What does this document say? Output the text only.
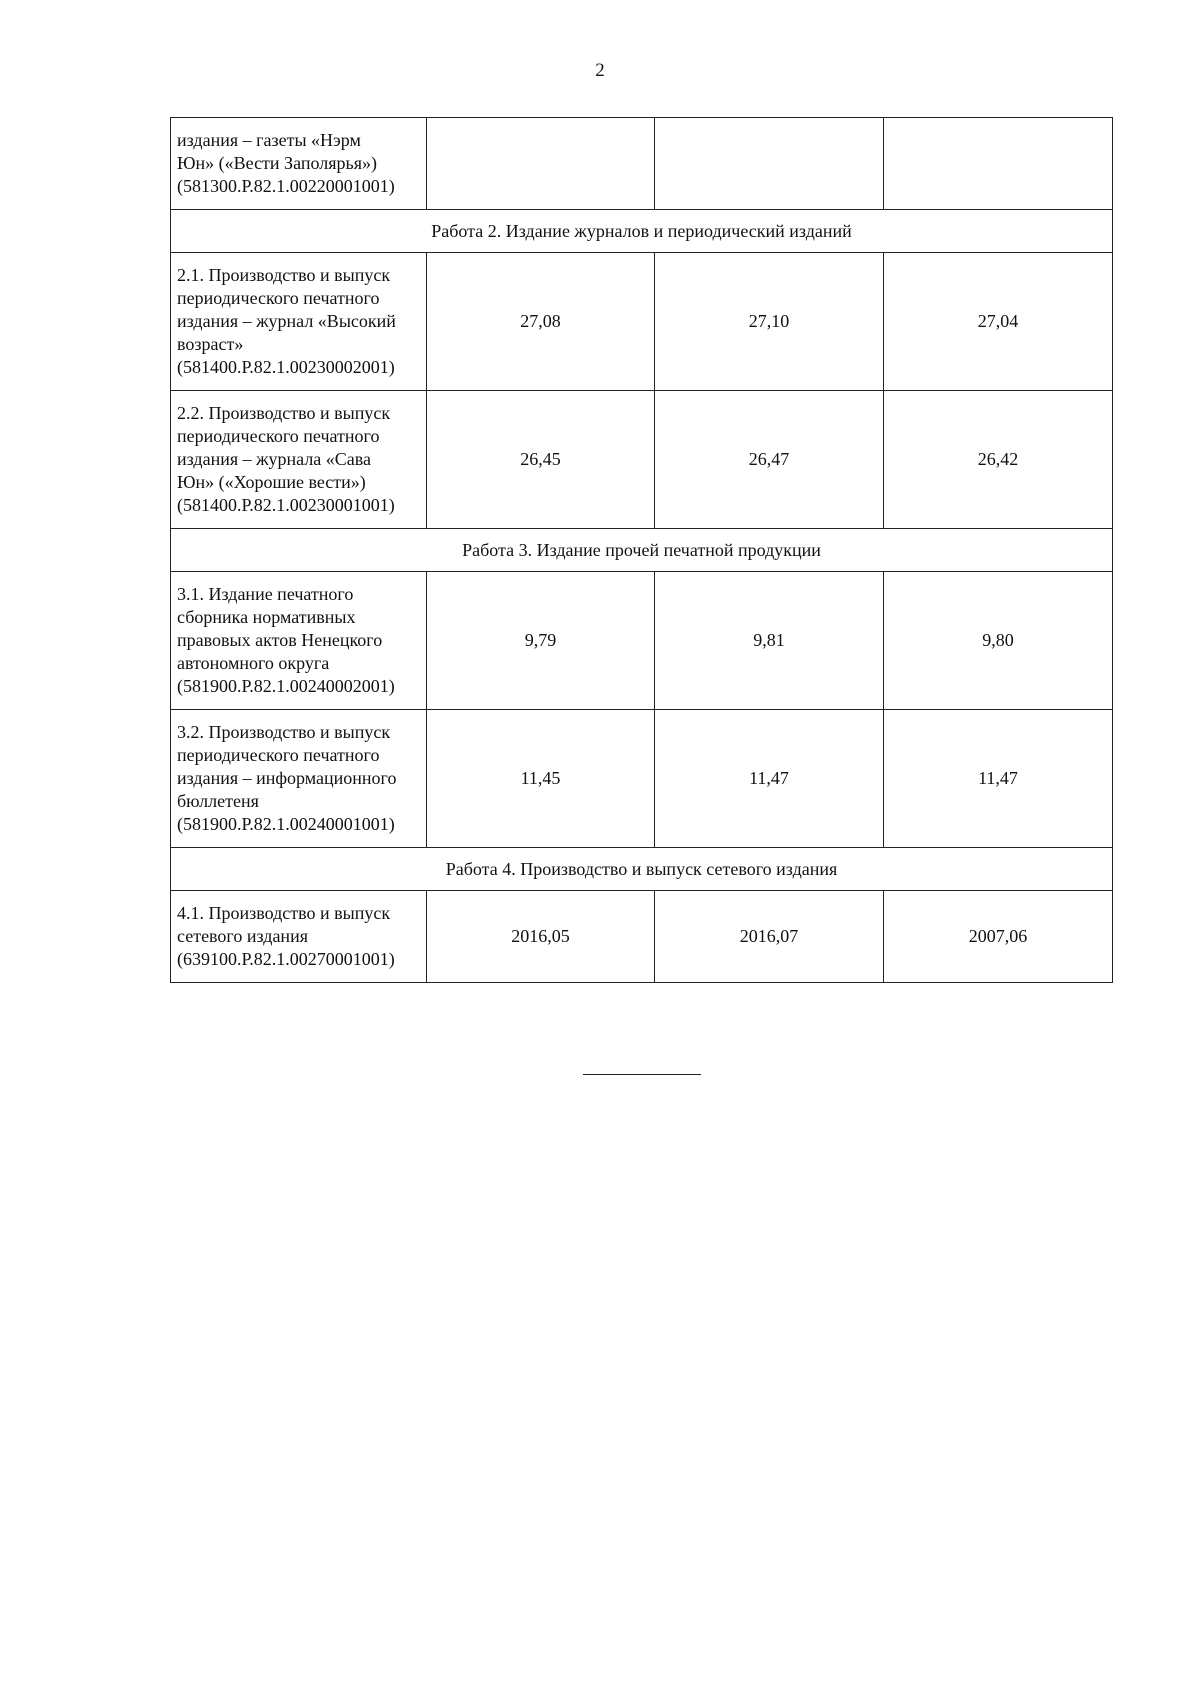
2
издания – газеты «Нэрм
Юн» («Вести Заполярья»)
(581300.Р.82.1.00220001001)			
Работа 2. Издание журналов и периодический изданий			
2.1. Производство и выпуск
периодического печатного
издания – журнал «Высокий
возраст»
(581400.Р.82.1.00230002001)	27,08	27,10	27,04
2.2. Производство и выпуск
периодического печатного
издания – журнала «Сава
Юн» («Хорошие вести»)
(581400.Р.82.1.00230001001)	26,45	26,47	26,42
Работа 3. Издание прочей печатной продукции			
3.1. Издание печатного
сборника нормативных
правовых актов Ненецкого
автономного округа
(581900.Р.82.1.00240002001)	9,79	9,81	9,80
3.2. Производство и выпуск
периодического печатного
издания – информационного
бюллетеня
(581900.Р.82.1.00240001001)	11,45	11,47	11,47
Работа 4. Производство и выпуск сетевого издания			
4.1. Производство и выпуск
сетевого издания
(639100.Р.82.1.00270001001)	2016,05	2016,07	2007,06
